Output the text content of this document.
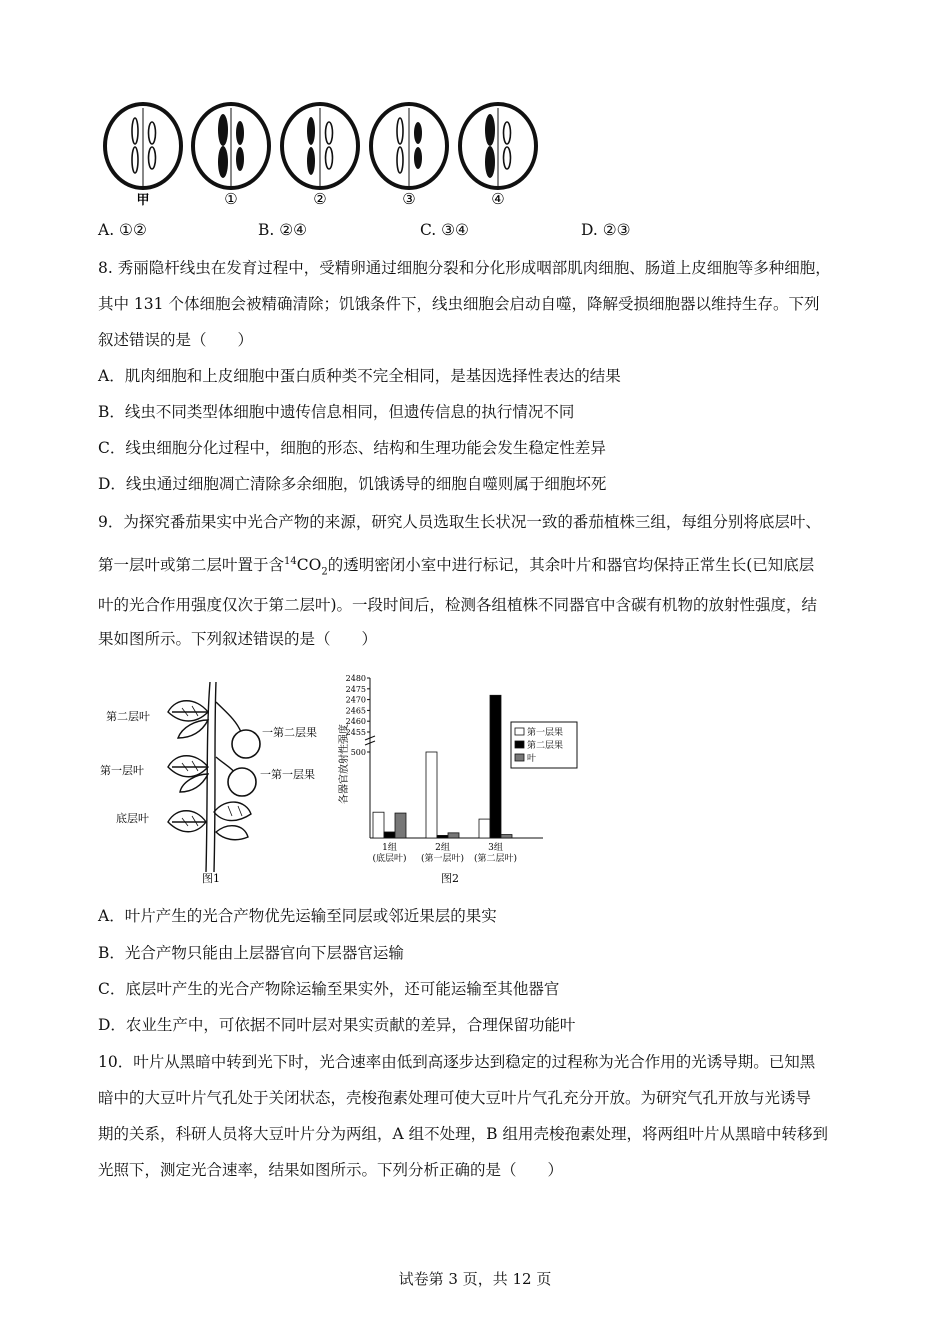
甲	①	②	③	④
A. ①②	B. ②④	C. ③④	D. ②③
8. 秀丽隐杆线虫在发育过程中，受精卵通过细胞分裂和分化形成咽部肌肉细胞、肠道上皮细胞等多种细胞，
其中 131 个体细胞会被精确清除；饥饿条件下，线虫细胞会启动自噬，降解受损细胞器以维持生存。下列
叙述错误的是（　　）
A．肌肉细胞和上皮细胞中蛋白质种类不完全相同，是基因选择性表达的结果
B．线虫不同类型体细胞中遗传信息相同，但遗传信息的执行情况不同
C．线虫细胞分化过程中，细胞的形态、结构和生理功能会发生稳定性差异
D．线虫通过细胞凋亡清除多余细胞，饥饿诱导的细胞自噬则属于细胞坏死
9．为探究番茄果实中光合产物的来源，研究人员选取生长状况一致的番茄植株三组，每组分别将底层叶、
第一层叶或第二层叶置于含$^{14}CO_2$的透明密闭小室中进行标记，其余叶片和器官均保持正常生长(已知底层
叶的光合作用强度仅次于第二层叶)。一段时间后，检测各组植株不同器官中含碳有机物的放射性强度，结
果如图所示。下列叙述错误的是（　　）
第二层叶
第一层叶
底层叶
一第二层果
一第一层果
图1
各器官放射性强度 500
2455
2460
2465
2470
2475
2480
1组
(底层叶)
2组
(第一层叶)
3组
(第二层叶)
第一层果
第二层果
叶
图2
A．叶片产生的光合产物优先运输至同层或邻近果层的果实
B．光合产物只能由上层器官向下层器官运输
C．底层叶产生的光合产物除运输至果实外，还可能运输至其他器官
D．农业生产中，可依据不同叶层对果实贡献的差异，合理保留功能叶
10．叶片从黑暗中转到光下时，光合速率由低到高逐步达到稳定的过程称为光合作用的光诱导期。已知黑
暗中的大豆叶片气孔处于关闭状态，壳梭孢素处理可使大豆叶片气孔充分开放。为研究气孔开放与光诱导
期的关系，科研人员将大豆叶片分为两组，A 组不处理，B 组用壳梭孢素处理，将两组叶片从黑暗中转移到
光照下，测定光合速率，结果如图所示。下列分析正确的是（　　）
试卷第 3 页，共 12 页
